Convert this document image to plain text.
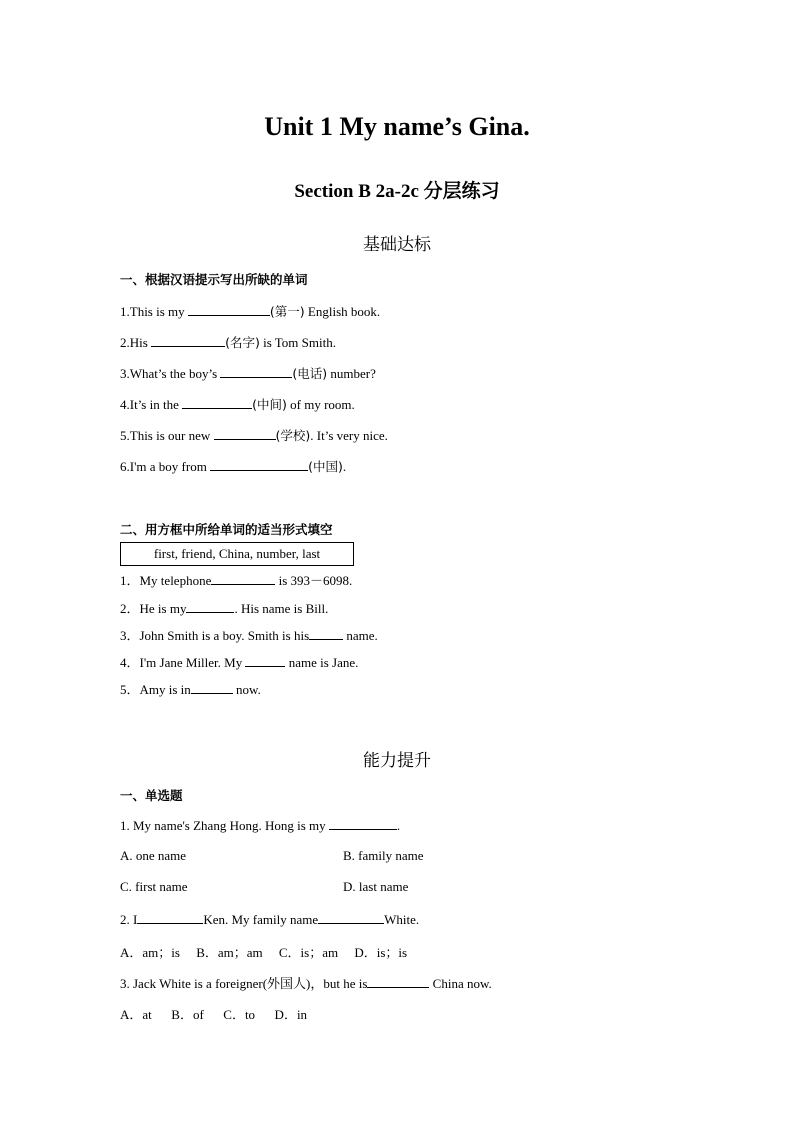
Unit 1 My name’s Gina.
Section B 2a-2c 分层练习
基础达标
一、根据汉语提示写出所缺的单词
1.This is my	(第一) English book.
2.His	(名字) is Tom Smith.
3.What’s the boy’s	(电话) number?
4.It’s in the	(中间) of my room.
5.This is our new	(学校). It’s very nice.
6.I'm a boy from	(中国).
二、用方框中所给单词的适当形式填空
first, friend, China, number, last
1．My telephone	is 393－6098.
2．He is my	. His name is Bill.
3．John Smith is a boy. Smith is his	name.
4．I'm Jane Miller. My	name is Jane.
5．Amy is in	now.
能力提升
一、单选题
1. My name's Zhang Hong. Hong is my	.
A. one name	B. family name
C. first name	D. last name
2. I	Ken. My family name	White.
A．am；is     B．am；am     C．is；am     D．is；is
3. Jack White is a foreigner(外国人)，but he is	China now.
A．at      B．of      C．to      D．in
